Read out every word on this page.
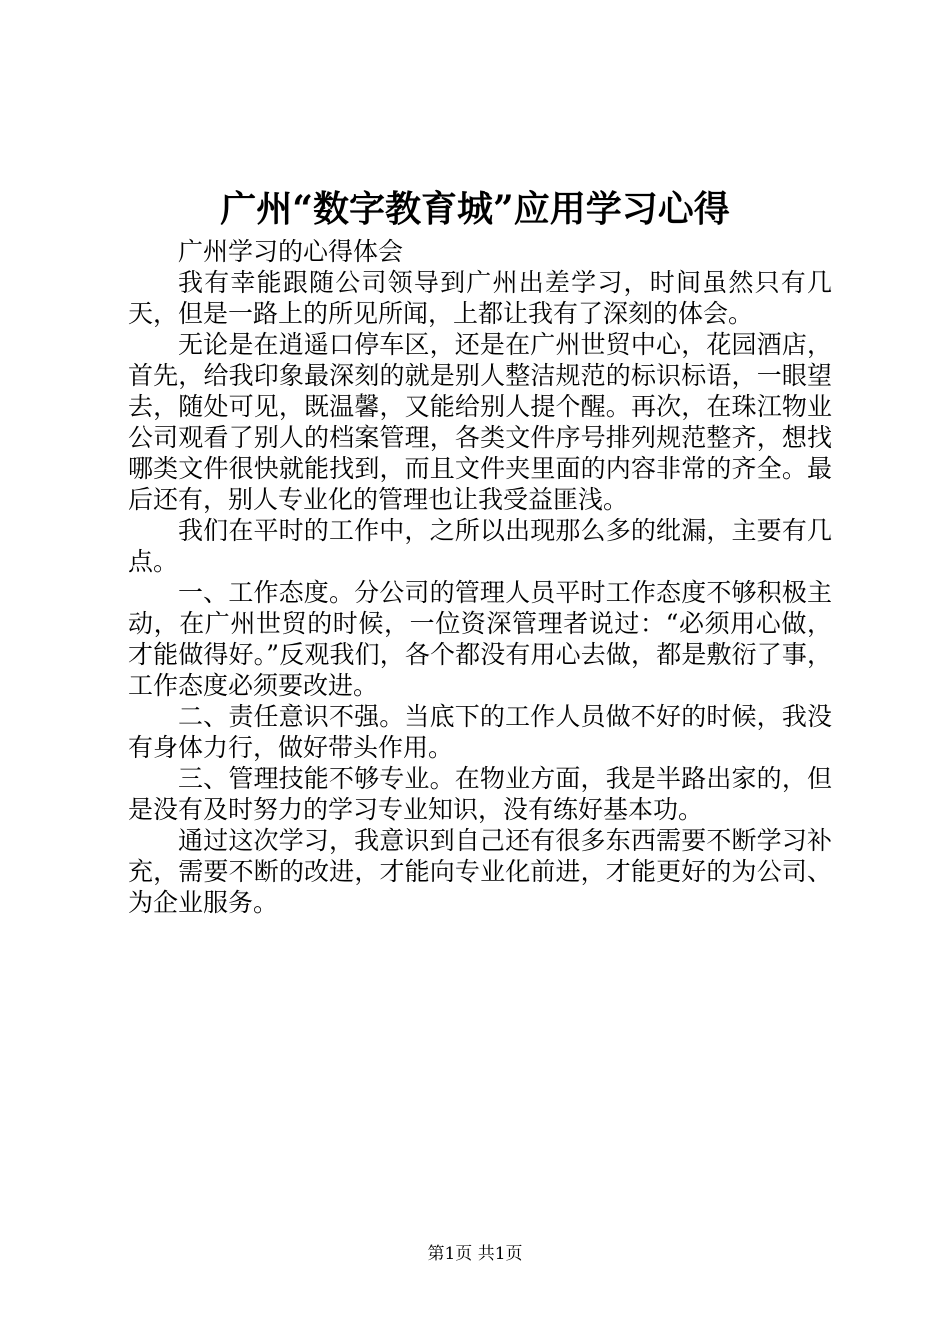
广州“数字教育城”应用学习心得

广州学习的心得体会

我有幸能跟随公司领导到广州出差学习，时间虽然只有几天，但是一路上的所见所闻，上都让我有了深刻的体会。

无论是在逍遥口停车区，还是在广州世贸中心，花园酒店，首先，给我印象最深刻的就是别人整洁规范的标识标语，一眼望去，随处可见，既温馨，又能给别人提个醒。再次，在珠江物业公司观看了别人的档案管理，各类文件序号排列规范整齐，想找哪类文件很快就能找到，而且文件夹里面的内容非常的齐全。最后还有，别人专业化的管理也让我受益匪浅。

我们在平时的工作中，之所以出现那么多的纰漏，主要有几点。

一、工作态度。分公司的管理人员平时工作态度不够积极主动，在广州世贸的时候，一位资深管理者说过：“必须用心做，才能做得好。”反观我们，各个都没有用心去做，都是敷衍了事，工作态度必须要改进。

二、责任意识不强。当底下的工作人员做不好的时候，我没有身体力行，做好带头作用。

三、管理技能不够专业。在物业方面，我是半路出家的，但是没有及时努力的学习专业知识，没有练好基本功。

通过这次学习，我意识到自己还有很多东西需要不断学习补充，需要不断的改进，才能向专业化前进，才能更好的为公司、为企业服务。

第1页 共1页
